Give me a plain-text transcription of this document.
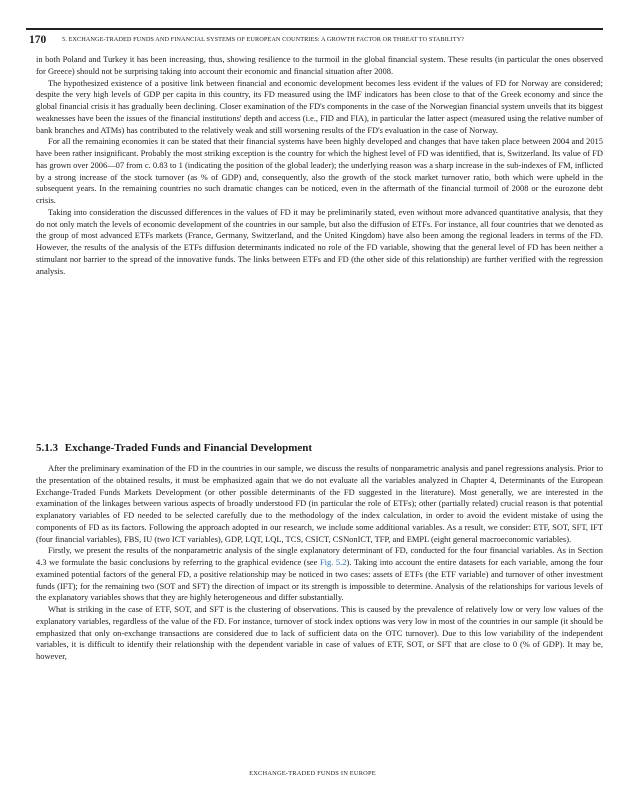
170	5. EXCHANGE-TRADED FUNDS AND FINANCIAL SYSTEMS OF EUROPEAN COUNTRIES: A GROWTH FACTOR OR THREAT TO STABILITY?

in both Poland and Turkey it has been increasing, thus, showing resilience to the turmoil in the global financial system. These results (in particular the ones observed for Greece) should not be surprising taking into account their economic and financial situation after 2008.

The hypothesized existence of a positive link between financial and economic development becomes less evident if the values of FD for Norway are considered; despite the very high levels of GDP per capita in this country, its FD measured using the IMF indicators has been close to that of the Greek economy and since the global financial crisis it has gradually been declining. Closer examination of the FD's components in the case of the Norwegian financial system unveils that its biggest weaknesses have been the issues of the financial institutions' depth and access (i.e., FID and FIA), in particular the latter aspect (measured using the relative number of bank branches and ATMs) has contributed to the relatively weak and still worsening results of the FD's evaluation in the case of Norway.

For all the remaining economies it can be stated that their financial systems have been highly developed and changes that have taken place between 2004 and 2015 have been rather insignificant. Probably the most striking exception is the country for which the highest level of FD was identified, that is, Switzerland. Its value of FD has grown over 2006—07 from c. 0.83 to 1 (indicating the position of the global leader); the underlying reason was a sharp increase in the sub-indexes of FM, inflicted by a strong increase of the stock turnover (as % of GDP) and, consequently, also the growth of the stock market turnover ratio, both which were upheld in the subsequent years. In the remaining countries no such dramatic changes can be noticed, even in the aftermath of the financial turmoil of 2008 or the eurozone debt crisis.

Taking into consideration the discussed differences in the values of FD it may be preliminarily stated, even without more advanced quantitative analysis, that they do not only match the levels of economic development of the countries in our sample, but also the diffusion of ETFs. For instance, all four countries that we denoted as the group of most advanced ETFs markets (France, Germany, Switzerland, and the United Kingdom) have also been among the regional leaders in terms of the FD. However, the results of the analysis of the ETFs diffusion determinants indicated no role of the FD variable, showing that the general level of FD has been neither a stimulant nor barrier to the spread of the innovative funds. The links between ETFs and FD (the other side of this relationship) are further verified with the regression analysis.

5.1.3 Exchange-Traded Funds and Financial Development

After the preliminary examination of the FD in the countries in our sample, we discuss the results of nonparametric analysis and panel regressions analysis. Prior to the presentation of the obtained results, it must be emphasized again that we do not evaluate all the variables analyzed in Chapter 4, Determinants of the European Exchange-Traded Funds Markets Development (or other possible determinants of the FD suggested in the literature). Most generally, we are interested in the examination of the linkages between various aspects of broadly understood FD (in particular the role of ETFs); other (partially related) crucial reason is that potential explanatory variables of FD needed to be selected carefully due to the methodology of the index calculation, in order to avoid the evident mistake of using the components of FD as its factors. Following the approach adopted in our research, we include some additional variables. As a result, we consider: ETF, SOT, SFT, IFT (four financial variables), FBS, IU (two ICT variables), GDP, LQT, LQL, TCS, CSICT, CSNonICT, TFP, and EMPL (eight general macroeconomic variables).

Firstly, we present the results of the nonparametric analysis of the single explanatory determinant of FD, conducted for the four financial variables. As in Section 4.3 we formulate the basic conclusions by referring to the graphical evidence (see Fig. 5.2). Taking into account the entire datasets for each variable, among the four examined potential factors of the general FD, a positive relationship may be noticed in two cases: assets of ETFs (the ETF variable) and turnover of other investment funds (IFT); for the remaining two (SOT and SFT) the direction of impact or its strength is impossible to determine. Analysis of the relationships for various levels of the explanatory variables shows that they are highly heterogeneous and differ substantially.

What is striking in the case of ETF, SOT, and SFT is the clustering of observations. This is caused by the prevalence of relatively low or very low values of the explanatory variables, regardless of the value of the FD. For instance, turnover of stock index options was very low in most of the countries in our sample (it should be emphasized that only on-exchange transactions are considered due to lack of sufficient data on the OTC turnover). Due to this low variability of the independent variables, it is difficult to identify their relationship with the dependent variable in case of values of ETF, SOT, or SFT that are close to 0 (% of GDP). It may be, however,

EXCHANGE-TRADED FUNDS IN EUROPE
